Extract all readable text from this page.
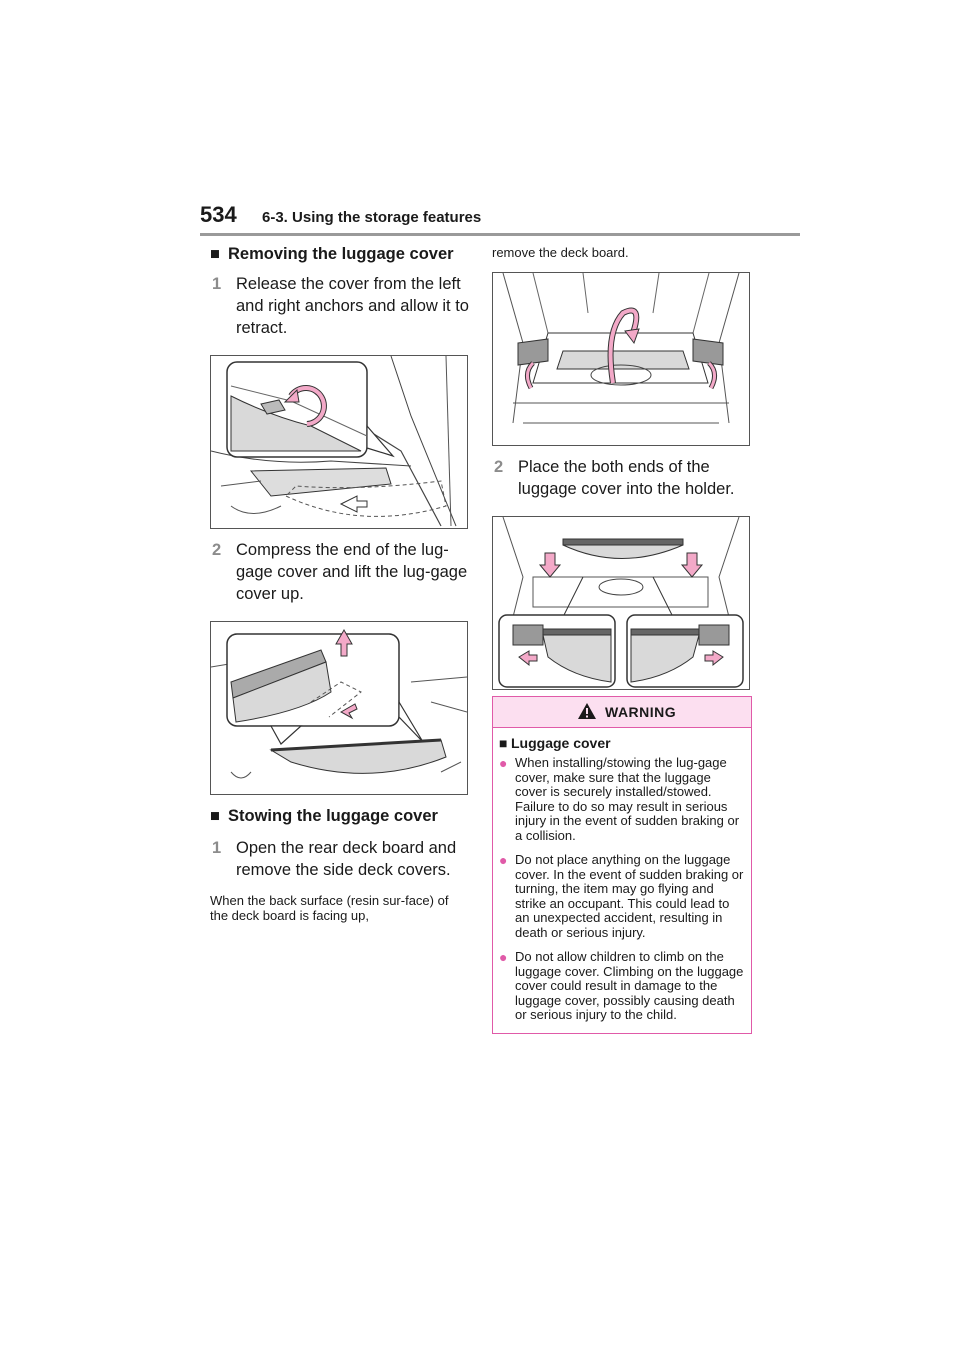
534 6-3. Using the storage features

■ Removing the luggage cover

1 Release the cover from the left and right anchors and allow it to retract.

2 Compress the end of the lug-gage cover and lift the lug-gage cover up.

■ Stowing the luggage cover

1 Open the rear deck board and remove the side deck covers.

When the back surface (resin sur-face) of the deck board is facing up,

remove the deck board.

2 Place the both ends of the luggage cover into the holder.

WARNING

■ Luggage cover

● When installing/stowing the lug-gage cover, make sure that the luggage cover is securely installed/stowed. Failure to do so may result in serious injury in the event of sudden braking or a collision.

● Do not place anything on the luggage cover. In the event of sudden braking or turning, the item may go flying and strike an occupant. This could lead to an unexpected accident, resulting in death or serious injury.

● Do not allow children to climb on the luggage cover. Climbing on the luggage cover could result in damage to the luggage cover, possibly causing death or serious injury to the child.
